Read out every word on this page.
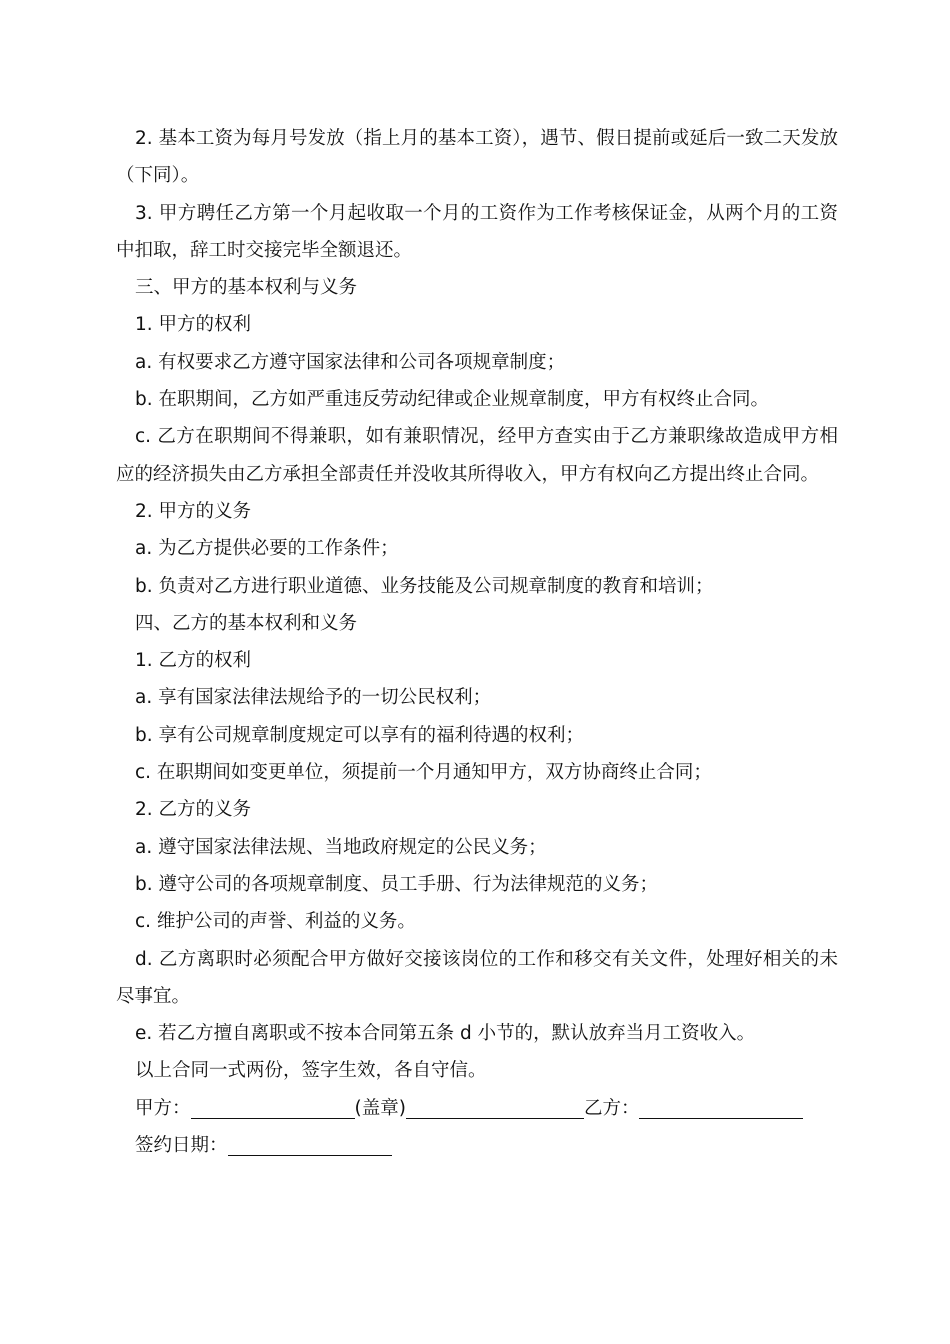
2. 基本工资为每月号发放（指上月的基本工资），遇节、假日提前或延后一致二天发放（下同）。

3. 甲方聘任乙方第一个月起收取一个月的工资作为工作考核保证金，从两个月的工资中扣取，辞工时交接完毕全额退还。

三、甲方的基本权利与义务

1. 甲方的权利

a. 有权要求乙方遵守国家法律和公司各项规章制度；

b. 在职期间，乙方如严重违反劳动纪律或企业规章制度，甲方有权终止合同。

c. 乙方在职期间不得兼职，如有兼职情况，经甲方查实由于乙方兼职缘故造成甲方相应的经济损失由乙方承担全部责任并没收其所得收入，甲方有权向乙方提出终止合同。

2. 甲方的义务

a. 为乙方提供必要的工作条件；

b. 负责对乙方进行职业道德、业务技能及公司规章制度的教育和培训；

四、乙方的基本权利和义务

1. 乙方的权利

a. 享有国家法律法规给予的一切公民权利；

b. 享有公司规章制度规定可以享有的福利待遇的权利；

c. 在职期间如变更单位，须提前一个月通知甲方，双方协商终止合同；

2. 乙方的义务

a. 遵守国家法律法规、当地政府规定的公民义务；

b. 遵守公司的各项规章制度、员工手册、行为法律规范的义务；

c. 维护公司的声誉、利益的义务。

d. 乙方离职时必须配合甲方做好交接该岗位的工作和移交有关文件，处理好相关的未尽事宜。

e. 若乙方擅自离职或不按本合同第五条 d 小节的，默认放弃当月工资收入。

以上合同一式两份，签字生效，各自守信。

甲方：	(盖章)	乙方：
签约日期：
